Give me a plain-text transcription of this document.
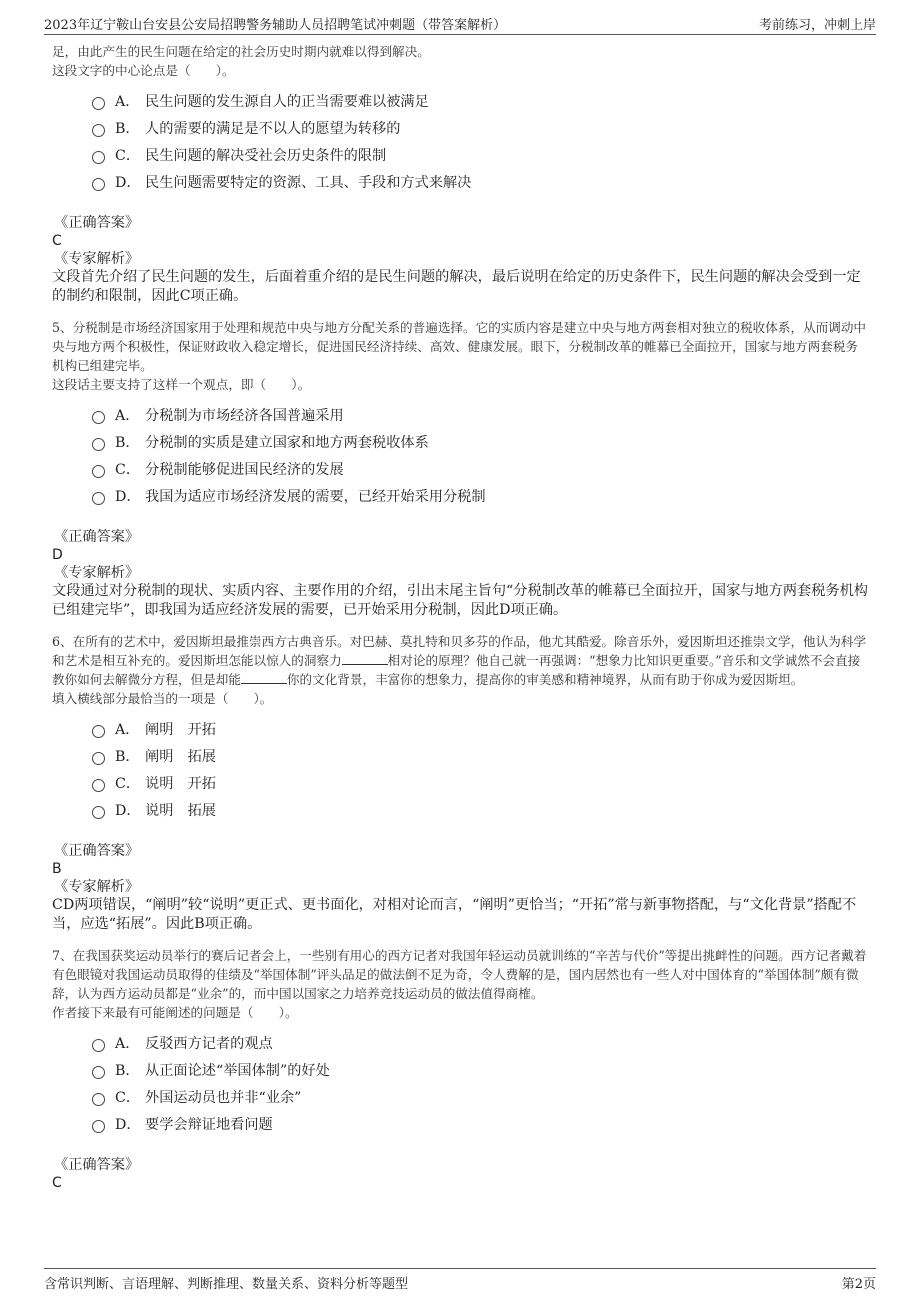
2023年辽宁鞍山台安县公安局招聘警务辅助人员招聘笔试冲刺题（带答案解析）	考前练习，冲刺上岸
足，由此产生的民生问题在给定的社会历史时期内就难以得到解决。
这段文字的中心论点是（　　）。
A． 民生问题的发生源自人的正当需要难以被满足
B． 人的需要的满足是不以人的愿望为转移的
C． 民生问题的解决受社会历史条件的限制
D． 民生问题需要特定的资源、工具、手段和方式来解决
《正确答案》
C
《专家解析》
文段首先介绍了民生问题的发生，后面着重介绍的是民生问题的解决，最后说明在给定的历史条件下，民生问题的解决会受到一定的制约和限制，因此C项正确。
5、分税制是市场经济国家用于处理和规范中央与地方分配关系的普遍选择。它的实质内容是建立中央与地方两套相对独立的税收体系，从而调动中央与地方两个积极性，保证财政收入稳定增长，促进国民经济持续、高效、健康发展。眼下，分税制改革的帷幕已全面拉开，国家与地方两套税务机构已组建完毕。
这段话主要支持了这样一个观点，即（　　）。
A． 分税制为市场经济各国普遍采用
B． 分税制的实质是建立国家和地方两套税收体系
C． 分税制能够促进国民经济的发展
D． 我国为适应市场经济发展的需要，已经开始采用分税制
《正确答案》
D
《专家解析》
文段通过对分税制的现状、实质内容、主要作用的介绍，引出末尾主旨句“分税制改革的帷幕已全面拉开，国家与地方两套税务机构已组建完毕”，即我国为适应经济发展的需要，已开始采用分税制，因此D项正确。
6、在所有的艺术中，爱因斯坦最推崇西方古典音乐。对巴赫、莫扎特和贝多芬的作品，他尤其酷爱。除音乐外，爱因斯坦还推崇文学，他认为科学和艺术是相互补充的。爱因斯坦怎能以惊人的洞察力	相对论的原理？他自己就一再强调：“想象力比知识更重要。”音乐和文学诚然不会直接教你如何去解微分方程，但是却能	你的文化背景，丰富你的想象力，提高你的审美感和精神境界，从而有助于你成为爱因斯坦。
填入横线部分最恰当的一项是（　　）。
A． 阐明　开拓
B． 阐明　拓展
C． 说明　开拓
D． 说明　拓展
《正确答案》
B
《专家解析》
CD两项错误，“阐明”较“说明”更正式、更书面化，对相对论而言，“阐明”更恰当；“开拓”常与新事物搭配，与“文化背景”搭配不当，应选“拓展”。因此B项正确。
7、在我国获奖运动员举行的赛后记者会上，一些别有用心的西方记者对我国年轻运动员就训练的“辛苦与代价”等提出挑衅性的问题。西方记者戴着有色眼镜对我国运动员取得的佳绩及“举国体制”评头品足的做法倒不足为奇，令人费解的是，国内居然也有一些人对中国体育的“举国体制”颇有微辞，认为西方运动员都是“业余”的，而中国以国家之力培养竞技运动员的做法值得商榷。
作者接下来最有可能阐述的问题是（　　）。
A． 反驳西方记者的观点
B． 从正面论述“举国体制”的好处
C． 外国运动员也并非“业余”
D． 要学会辩证地看问题
《正确答案》
C
含常识判断、言语理解、判断推理、数量关系、资料分析等题型	第2页
